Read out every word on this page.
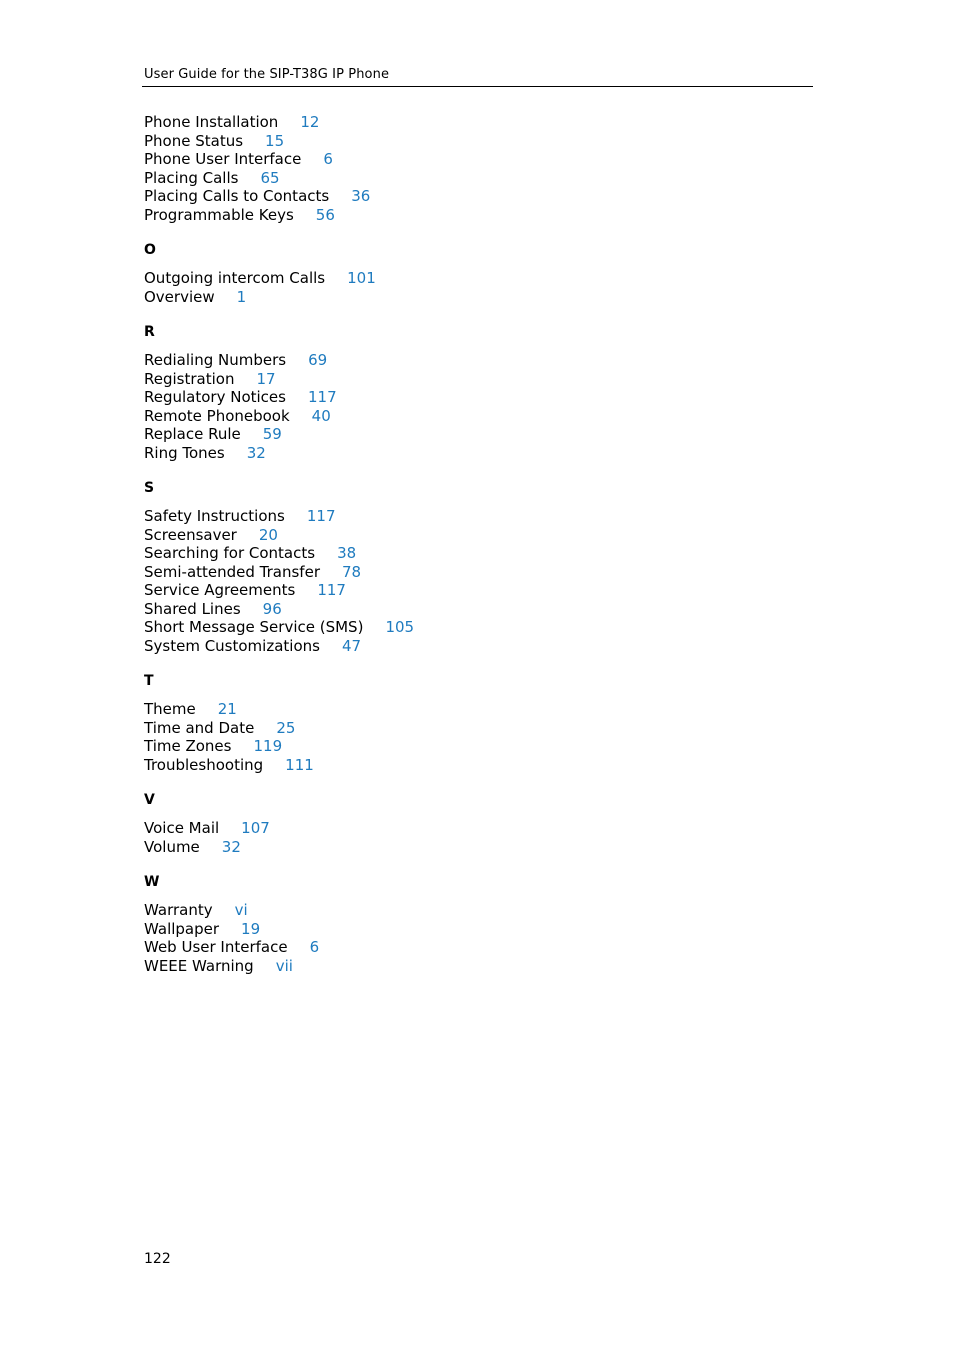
User Guide for the SIP-T38G IP Phone
Phone Installation 12
Phone Status 15
Phone User Interface 6
Placing Calls 65
Placing Calls to Contacts 36
Programmable Keys 56
O
Outgoing intercom Calls 101
Overview 1
R
Redialing Numbers 69
Registration 17
Regulatory Notices 117
Remote Phonebook 40
Replace Rule 59
Ring Tones 32
S
Safety Instructions 117
Screensaver 20
Searching for Contacts 38
Semi-attended Transfer 78
Service Agreements 117
Shared Lines 96
Short Message Service (SMS) 105
System Customizations 47
T
Theme 21
Time and Date 25
Time Zones 119
Troubleshooting 111
V
Voice Mail 107
Volume 32
W
Warranty vi
Wallpaper 19
Web User Interface 6
WEEE Warning vii
122
